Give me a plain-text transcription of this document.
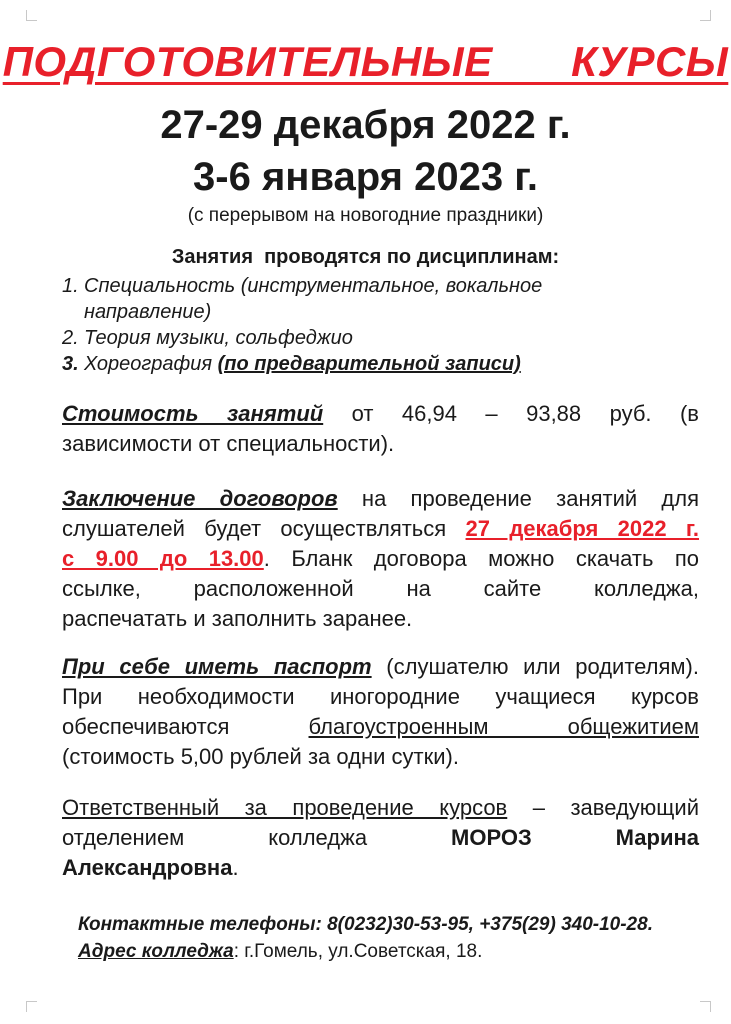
ПОДГОТОВИТЕЛЬНЫЕ   КУРСЫ
27-29 декабря 2022 г.
3-6 января 2023 г.
(с перерывом на новогодние праздники)
Занятия  проводятся по дисциплинам:
1. Специальность (инструментальное, вокальное
направление)
2. Теория музыки, сольфеджио
3. Хореография (по предварительной записи)
Стоимость занятий от 46,94 – 93,88 руб. (в
зависимости от специальности).
Заключение договоров на проведение занятий для
слушателей будет осуществляться 27 декабря 2022 г.
с 9.00 до 13.00. Бланк договора можно скачать по
ссылке, расположенной на сайте колледжа,
распечатать и заполнить заранее.
При себе иметь паспорт (слушателю или родителям).
При необходимости иногородние учащиеся курсов
обеспечиваются благоустроенным общежитием
(стоимость 5,00 рублей за одни сутки).
Ответственный за проведение курсов – заведующий
отделением колледжа МОРОЗ Марина
Александровна.
Контактные телефоны: 8(0232)30-53-95, +375(29) 340-10-28.
Адрес колледжа: г.Гомель, ул.Советская, 18.
